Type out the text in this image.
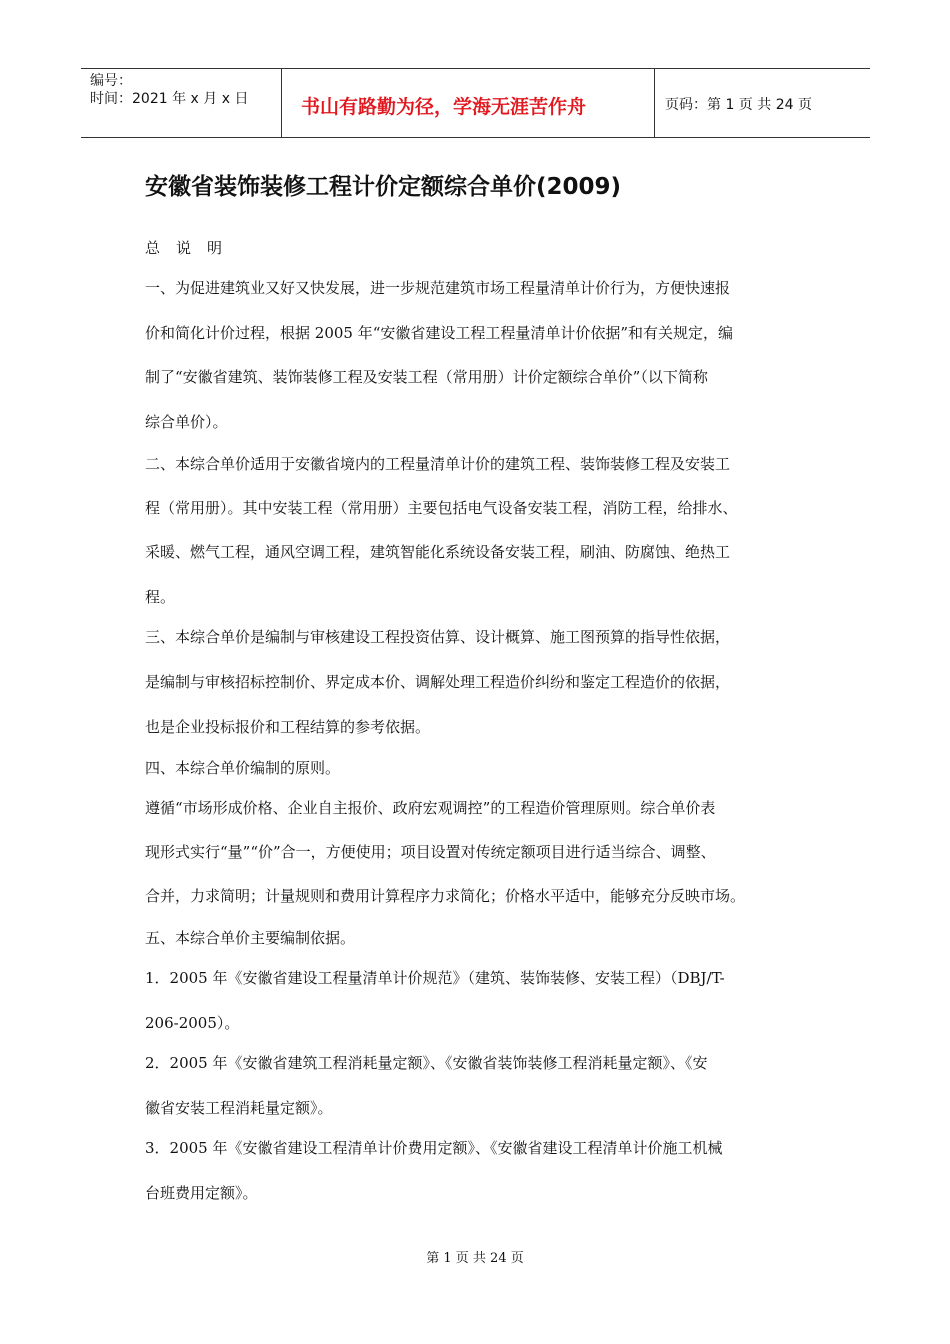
编号：
时间：2021 年 x 月 x 日	书山有路勤为径，学海无涯苦作舟	页码：第 1 页 共 24 页
安徽省装饰装修工程计价定额综合单价(2009)

总说明

一、为促进建筑业又好又快发展，进一步规范建筑市场工程量清单计价行为，方便快速报

价和简化计价过程，根据 2005 年“安徽省建设工程工程量清单计价依据”和有关规定，编

制了“安徽省建筑、装饰装修工程及安装工程（常用册）计价定额综合单价”（以下简称

综合单价）。

二、本综合单价适用于安徽省境内的工程量清单计价的建筑工程、装饰装修工程及安装工

程（常用册）。其中安装工程（常用册）主要包括电气设备安装工程，消防工程，给排水、

采暖、燃气工程，通风空调工程，建筑智能化系统设备安装工程，刷油、防腐蚀、绝热工

程。

三、本综合单价是编制与审核建设工程投资估算、设计概算、施工图预算的指导性依据，

是编制与审核招标控制价、界定成本价、调解处理工程造价纠纷和鉴定工程造价的依据，

也是企业投标报价和工程结算的参考依据。

四、本综合单价编制的原则。

遵循“市场形成价格、企业自主报价、政府宏观调控”的工程造价管理原则。综合单价表

现形式实行“量”“价”合一，方便使用；项目设置对传统定额项目进行适当综合、调整、

合并，力求简明；计量规则和费用计算程序力求简化；价格水平适中，能够充分反映市场。

五、本综合单价主要编制依据。

1．2005 年《安徽省建设工程量清单计价规范》（建筑、装饰装修、安装工程）（DBJ/T-

206-2005）。

2．2005 年《安徽省建筑工程消耗量定额》、《安徽省装饰装修工程消耗量定额》、《安

徽省安装工程消耗量定额》。

3．2005 年《安徽省建设工程清单计价费用定额》、《安徽省建设工程清单计价施工机械

台班费用定额》。

第 1 页 共 24 页
